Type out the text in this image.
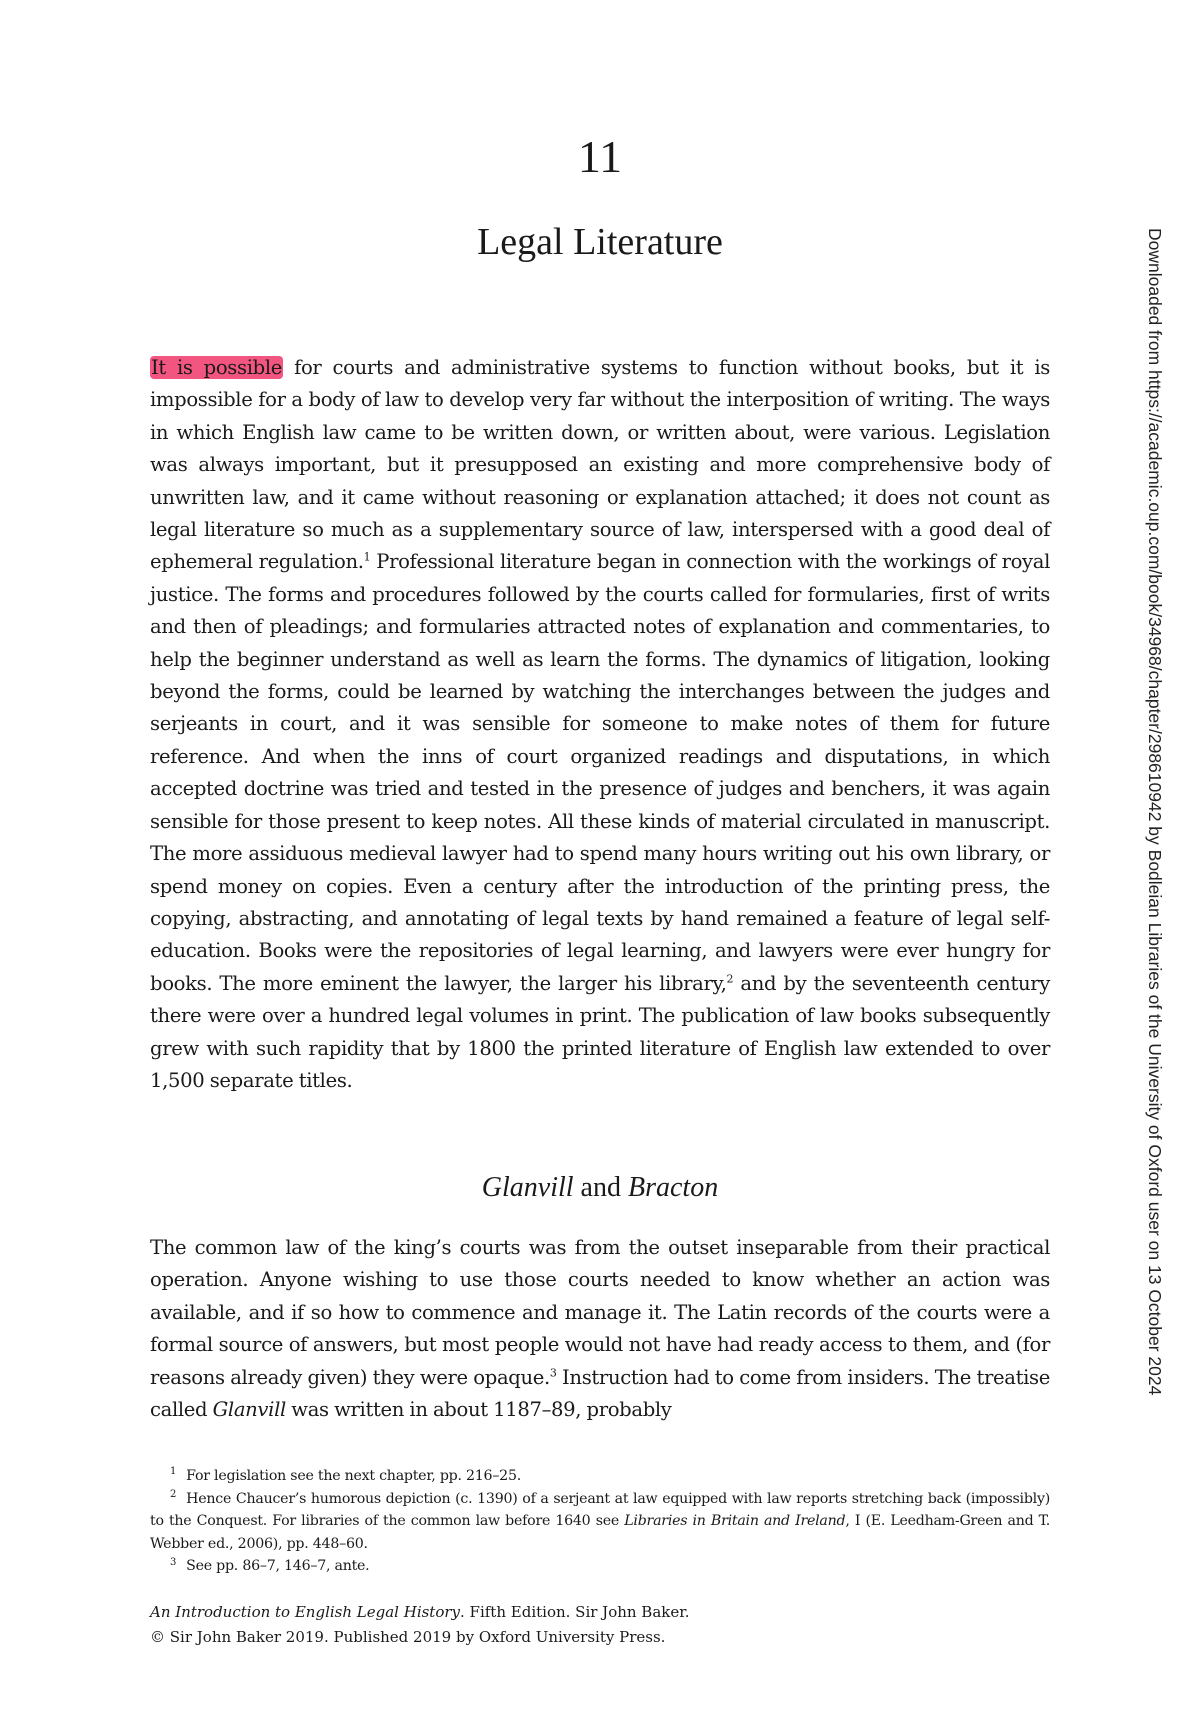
11
Legal Literature

It is possible for courts and administrative systems to function without books, but it is impossible for a body of law to develop very far without the interposition of writing. The ways in which English law came to be written down, or written about, were various. Legislation was always important, but it presupposed an existing and more comprehensive body of unwritten law, and it came without reasoning or explanation attached; it does not count as legal literature so much as a supplementary source of law, interspersed with a good deal of ephemeral regulation.$^1$ Professional literature began in connection with the workings of royal justice. The forms and procedures followed by the courts called for formularies, first of writs and then of pleadings; and formularies attracted notes of explanation and commentaries, to help the beginner understand as well as learn the forms. The dynamics of litigation, looking beyond the forms, could be learned by watching the interchanges between the judges and serjeants in court, and it was sensible for someone to make notes of them for future reference. And when the inns of court organized readings and disputations, in which accepted doctrine was tried and tested in the presence of judges and benchers, it was again sensible for those present to keep notes. All these kinds of material circulated in manuscript. The more assiduous medieval lawyer had to spend many hours writing out his own library, or spend money on copies. Even a century after the introduction of the printing press, the copying, abstracting, and annotating of legal texts by hand remained a feature of legal self-education. Books were the repositories of legal learning, and lawyers were ever hungry for books. The more eminent the lawyer, the larger his library,$^2$ and by the seventeenth century there were over a hundred legal volumes in print. The publication of law books subsequently grew with such rapidity that by 1800 the printed literature of English law extended to over 1,500 separate titles.

Glanvill and Bracton

The common law of the king’s courts was from the outset inseparable from their practical operation. Anyone wishing to use those courts needed to know whether an action was available, and if so how to commence and manage it. The Latin records of the courts were a formal source of answers, but most people would not have had ready access to them, and (for reasons already given) they were opaque.$^3$ Instruction had to come from insiders. The treatise called Glanvill was written in about 1187–89, probably

$^1$ For legislation see the next chapter, pp. 216–25.
$^2$ Hence Chaucer’s humorous depiction (c. 1390) of a serjeant at law equipped with law reports stretching back (impossibly) to the Conquest. For libraries of the common law before 1640 see Libraries in Britain and Ireland, I (E. Leedham-Green and T. Webber ed., 2006), pp. 448–60.
$^3$ See pp. 86–7, 146–7, ante.
An Introduction to English Legal History. Fifth Edition. Sir John Baker.
© Sir John Baker 2019. Published 2019 by Oxford University Press.
Downloaded from https://academic.oup.com/book/34968/chapter/298610942 by Bodleian Libraries of the University of Oxford user on 13 October 2024
